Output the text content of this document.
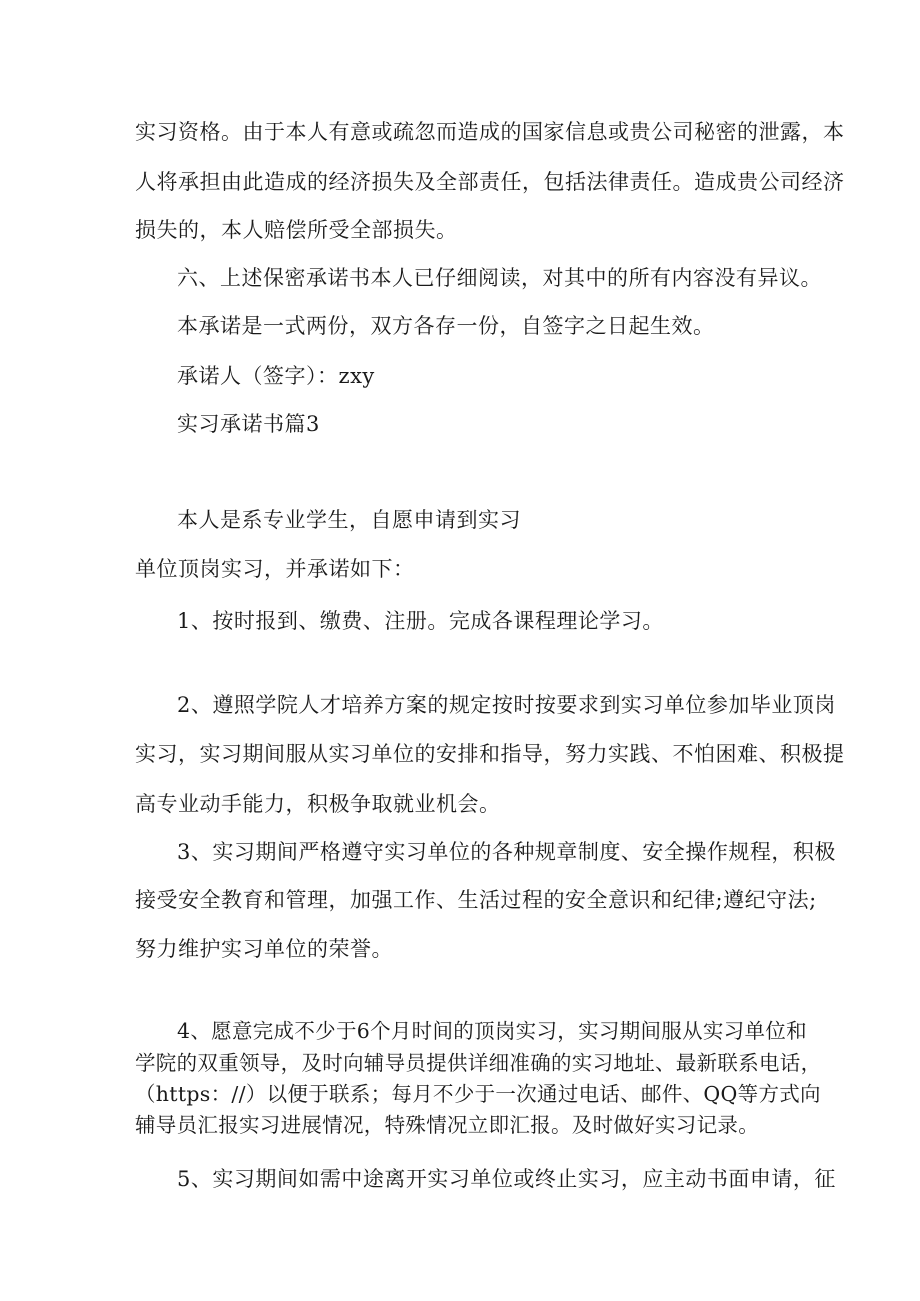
实习资格。由于本人有意或疏忽而造成的国家信息或贵公司秘密的泄露，本
人将承担由此造成的经济损失及全部责任，包括法律责任。造成贵公司经济
损失的，本人赔偿所受全部损失。
六、上述保密承诺书本人已仔细阅读，对其中的所有内容没有异议。
本承诺是一式两份，双方各存一份，自签字之日起生效。
承诺人（签字）：zxy
实习承诺书篇3
本人是系专业学生，自愿申请到实习
单位顶岗实习，并承诺如下：
1、按时报到、缴费、注册。完成各课程理论学习。
2、遵照学院人才培养方案的规定按时按要求到实习单位参加毕业顶岗
实习，实习期间服从实习单位的安排和指导，努力实践、不怕困难、积极提
高专业动手能力，积极争取就业机会。
3、实习期间严格遵守实习单位的各种规章制度、安全操作规程，积极
接受安全教育和管理，加强工作、生活过程的安全意识和纪律;遵纪守法;
努力维护实习单位的荣誉。
4、愿意完成不少于6个月时间的顶岗实习，实习期间服从实习单位和
学院的双重领导，及时向辅导员提供详细准确的实习地址、最新联系电话，
（https：//）以便于联系；每月不少于一次通过电话、邮件、QQ等方式向
辅导员汇报实习进展情况，特殊情况立即汇报。及时做好实习记录。
5、实习期间如需中途离开实习单位或终止实习，应主动书面申请，征
